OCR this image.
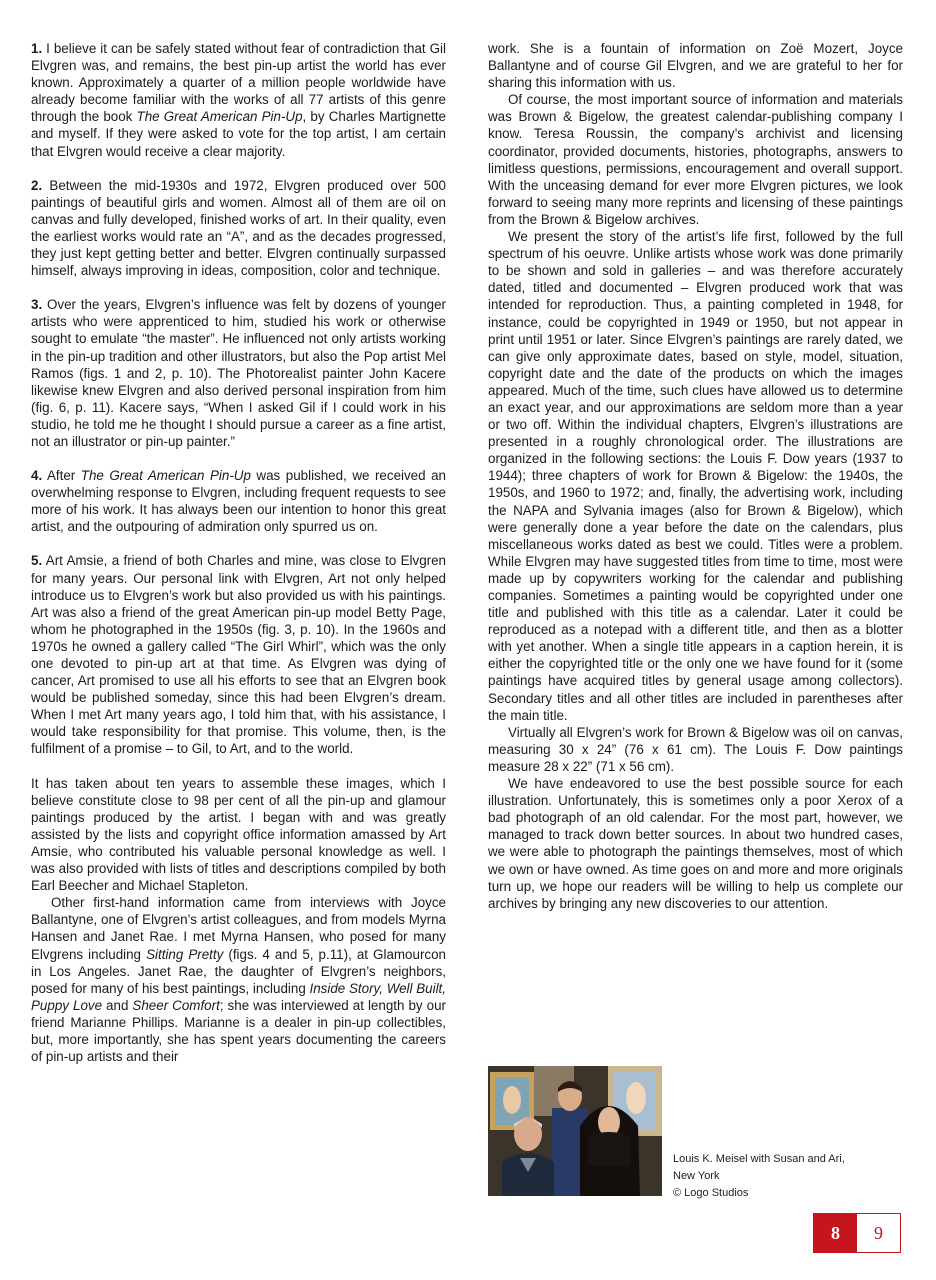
1. I believe it can be safely stated without fear of contradiction that Gil Elvgren was, and remains, the best pin-up artist the world has ever known. Approximately a quarter of a million people worldwide have already become familiar with the works of all 77 artists of this genre through the book The Great American Pin-Up, by Charles Martignette and myself. If they were asked to vote for the top artist, I am certain that Elvgren would receive a clear majority.

2. Between the mid-1930s and 1972, Elvgren produced over 500 paintings of beautiful girls and women. Almost all of them are oil on canvas and fully developed, finished works of art. In their quality, even the earliest works would rate an “A”, and as the decades progressed, they just kept getting better and better. Elvgren continually surpassed himself, always improving in ideas, composition, color and technique.

3. Over the years, Elvgren’s influence was felt by dozens of younger artists who were apprenticed to him, studied his work or otherwise sought to emulate “the master”. He influenced not only artists working in the pin-up tradition and other illustrators, but also the Pop artist Mel Ramos (figs. 1 and 2, p. 10). The Photorealist painter John Kacere likewise knew Elvgren and also derived personal inspiration from him (fig. 6, p. 11). Kacere says, “When I asked Gil if I could work in his studio, he told me he thought I should pursue a career as a fine artist, not an illustrator or pin-up painter.”

4. After The Great American Pin-Up was published, we received an overwhelming response to Elvgren, including frequent requests to see more of his work. It has always been our intention to honor this great artist, and the outpouring of admiration only spurred us on.

5. Art Amsie, a friend of both Charles and mine, was close to Elvgren for many years. Our personal link with Elvgren, Art not only helped introduce us to Elvgren’s work but also provided us with his paintings. Art was also a friend of the great American pin-up model Betty Page, whom he photographed in the 1950s (fig. 3, p. 10). In the 1960s and 1970s he owned a gallery called “The Girl Whirl”, which was the only one devoted to pin-up art at that time. As Elvgren was dying of cancer, Art promised to use all his efforts to see that an Elvgren book would be published someday, since this had been Elvgren’s dream. When I met Art many years ago, I told him that, with his assistance, I would take responsibility for that promise. This volume, then, is the fulfilment of a promise – to Gil, to Art, and to the world.

It has taken about ten years to assemble these images, which I believe constitute close to 98 per cent of all the pin-up and glamour paintings produced by the artist. I began with and was greatly assisted by the lists and copyright office information amassed by Art Amsie, who contributed his valuable personal knowledge as well. I was also provided with lists of titles and descriptions compiled by both Earl Beecher and Michael Stapleton.

Other first-hand information came from interviews with Joyce Ballantyne, one of Elvgren’s artist colleagues, and from models Myrna Hansen and Janet Rae. I met Myrna Hansen, who posed for many Elvgrens including Sitting Pretty (figs. 4 and 5, p.11), at Glamourcon in Los Angeles. Janet Rae, the daughter of Elvgren’s neighbors, posed for many of his best paintings, including Inside Story, Well Built, Puppy Love and Sheer Comfort; she was interviewed at length by our friend Marianne Phillips. Marianne is a dealer in pin-up collectibles, but, more importantly, she has spent years documenting the careers of pin-up artists and their

work. She is a fountain of information on Zoë Mozert, Joyce Ballantyne and of course Gil Elvgren, and we are grateful to her for sharing this information with us.

Of course, the most important source of information and materials was Brown & Bigelow, the greatest calendar-publishing company I know. Teresa Roussin, the company’s archivist and licensing coordinator, provided documents, histories, photographs, answers to limitless questions, permissions, encouragement and overall support. With the unceasing demand for ever more Elvgren pictures, we look forward to seeing many more reprints and licensing of these paintings from the Brown & Bigelow archives.

We present the story of the artist’s life first, followed by the full spectrum of his oeuvre. Unlike artists whose work was done primarily to be shown and sold in galleries – and was therefore accurately dated, titled and documented – Elvgren produced work that was intended for reproduction. Thus, a painting completed in 1948, for instance, could be copyrighted in 1949 or 1950, but not appear in print until 1951 or later. Since Elvgren’s paintings are rarely dated, we can give only approximate dates, based on style, model, situation, copyright date and the date of the products on which the images appeared. Much of the time, such clues have allowed us to determine an exact year, and our approximations are seldom more than a year or two off. Within the individual chapters, Elvgren’s illustrations are presented in a roughly chronological order. The illustrations are organized in the following sections: the Louis F. Dow years (1937 to 1944); three chapters of work for Brown & Bigelow: the 1940s, the 1950s, and 1960 to 1972; and, finally, the advertising work, including the NAPA and Sylvania images (also for Brown & Bigelow), which were generally done a year before the date on the calendars, plus miscellaneous works dated as best we could. Titles were a problem. While Elvgren may have suggested titles from time to time, most were made up by copywriters working for the calendar and publishing companies. Sometimes a painting would be copyrighted under one title and published with this title as a calendar. Later it could be reproduced as a notepad with a different title, and then as a blotter with yet another. When a single title appears in a caption herein, it is either the copyrighted title or the only one we have found for it (some paintings have acquired titles by general usage among collectors). Secondary titles and all other titles are included in parentheses after the main title.

Virtually all Elvgren’s work for Brown & Bigelow was oil on canvas, measuring 30 x 24” (76 x 61 cm). The Louis F. Dow paintings measure 28 x 22” (71 x 56 cm).

We have endeavored to use the best possible source for each illustration. Unfortunately, this is sometimes only a poor Xerox of a bad photograph of an old calendar. For the most part, however, we managed to track down better sources. In about two hundred cases, we were able to photograph the paintings themselves, most of which we own or have owned. As time goes on and more and more originals turn up, we hope our readers will be willing to help us complete our archives by bringing any new discoveries to our attention.

Louis K. Meisel with Susan and Ari,
New York
© Logo Studios
8	9
